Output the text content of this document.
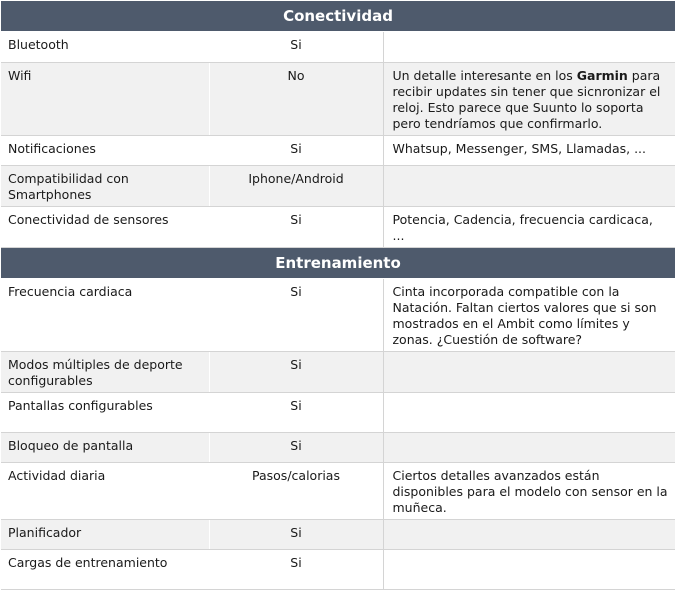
Conectividad		
Bluetooth	Si	
Wifi	No	Un detalle interesante en los Garmin para recibir updates sin tener que sicnronizar el reloj. Esto parece que Suunto lo soporta pero tendríamos que confirmarlo.
Notificaciones	Si	Whatsup, Messenger, SMS, Llamadas, ...
Compatibilidad con Smartphones	Iphone/Android	
Conectividad de sensores	Si	Potencia, Cadencia, frecuencia cardicaca, ...
Entrenamiento		
Frecuencia cardiaca	Si	Cinta incorporada compatible con la Natación. Faltan ciertos valores que si son mostrados en el Ambit como límites y zonas. ¿Cuestión de software?
Modos múltiples de deporte configurables	Si	
Pantallas configurables	Si	
Bloqueo de pantalla	Si	
Actividad diaria	Pasos/calorias	Ciertos detalles avanzados están disponibles para el modelo con sensor en la muñeca.
Planificador	Si	
Cargas de entrenamiento	Si	
